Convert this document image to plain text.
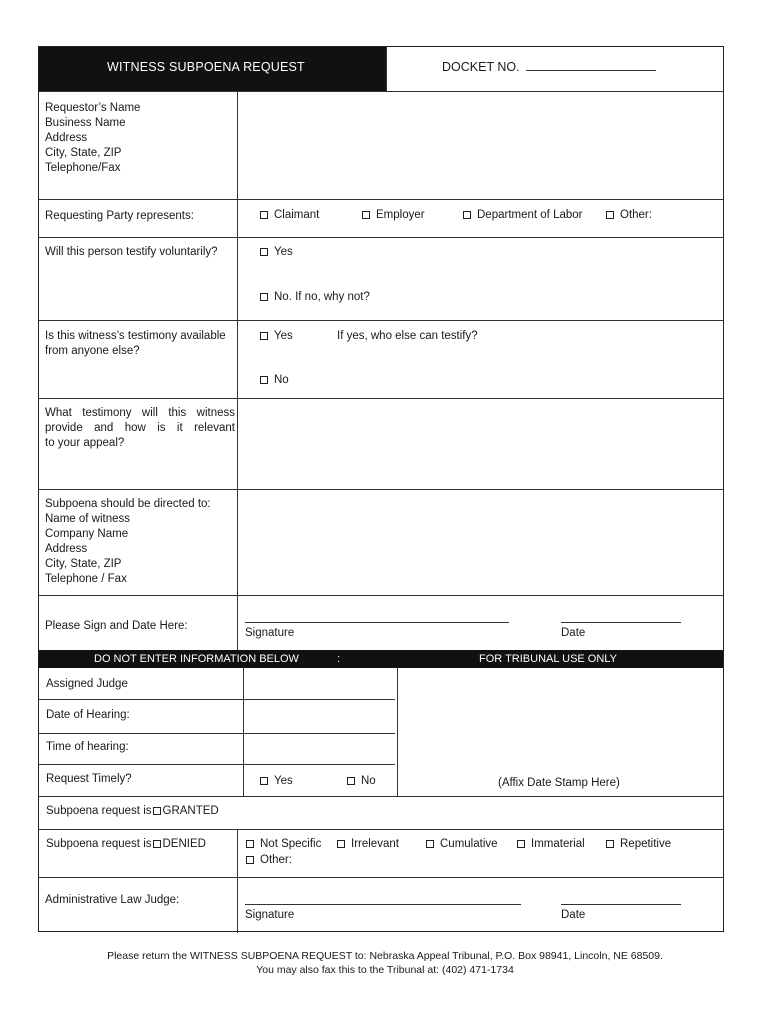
WITNESS SUBPOENA REQUEST	DOCKET NO.
Requestor’s Name
Business Name
Address
City, State, ZIP
Telephone/Fax
Requesting Party represents:	Claimant	Employer	Department of Labor	Other:
Will this person testify voluntarily?	Yes
No. If no, why not?
Is this witness’s testimony available
from anyone else?
Yes	If yes, who else can testify?
No
What testimony will this witness
provide and how is it relevant
to your appeal?
Subpoena should be directed to:
Name of witness
Company Name
Address
City, State, ZIP
Telephone / Fax
Please Sign and Date Here:
Signature	Date
DO NOT ENTER INFORMATION BELOW	:	FOR TRIBUNAL USE ONLY
Assigned Judge
Date of Hearing:
Time of hearing:
Request Timely?	Yes	No	(Affix Date Stamp Here)
Subpoena request is GRANTED
Subpoena request is DENIED	Not Specific	Irrelevant	Cumulative	Immaterial	Repetitive
Other:
Administrative Law Judge:
Signature	Date
Please return the WITNESS SUBPOENA REQUEST to: Nebraska Appeal Tribunal, P.O. Box 98941, Lincoln, NE 68509.
You may also fax this to the Tribunal at: (402) 471-1734
